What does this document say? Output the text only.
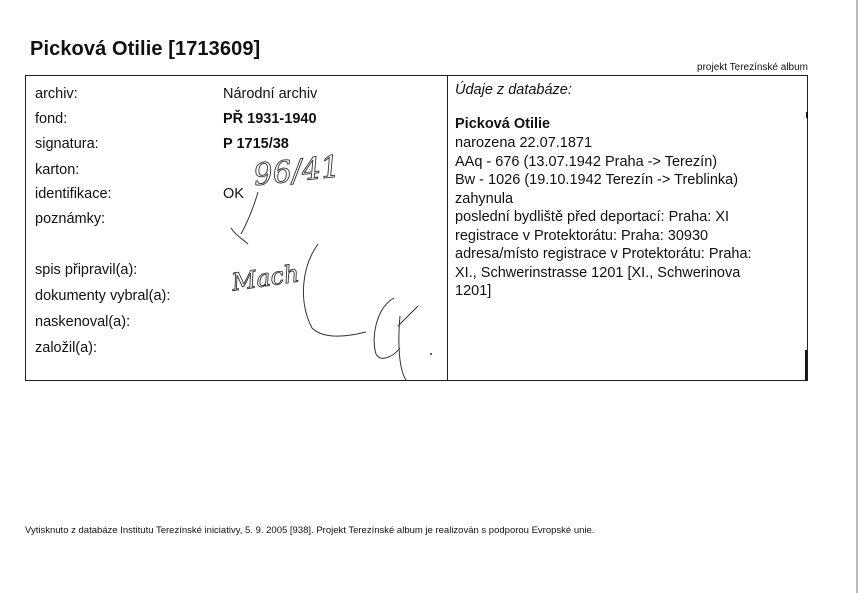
Picková Otilie [1713609]
projekt Terezínské album
archiv:	Národní archiv
fond:	PŘ 1931-1940
signatura:	P 1715/38
karton:
identifikace:	OK
poznámky:
spis připravil(a):
dokumenty vybral(a):
naskenoval(a):
založil(a):
96/41
Mach
Údaje z databáze:
Picková Otilie
narozena 22.07.1871
AAq - 676 (13.07.1942 Praha -> Terezín)
Bw - 1026 (19.10.1942 Terezín -> Treblinka)
zahynula
poslední bydliště před deportací: Praha: XI
registrace v Protektorátu: Praha: 30930
adresa/místo registrace v Protektorátu: Praha:
XI., Schwerinstrasse 1201 [XI., Schwerinova
1201]
Vytisknuto z databáze Institutu Terezínské iniciativy, 5. 9. 2005 [938]. Projekt Terezínské album je realizován s podporou Evropské unie.
